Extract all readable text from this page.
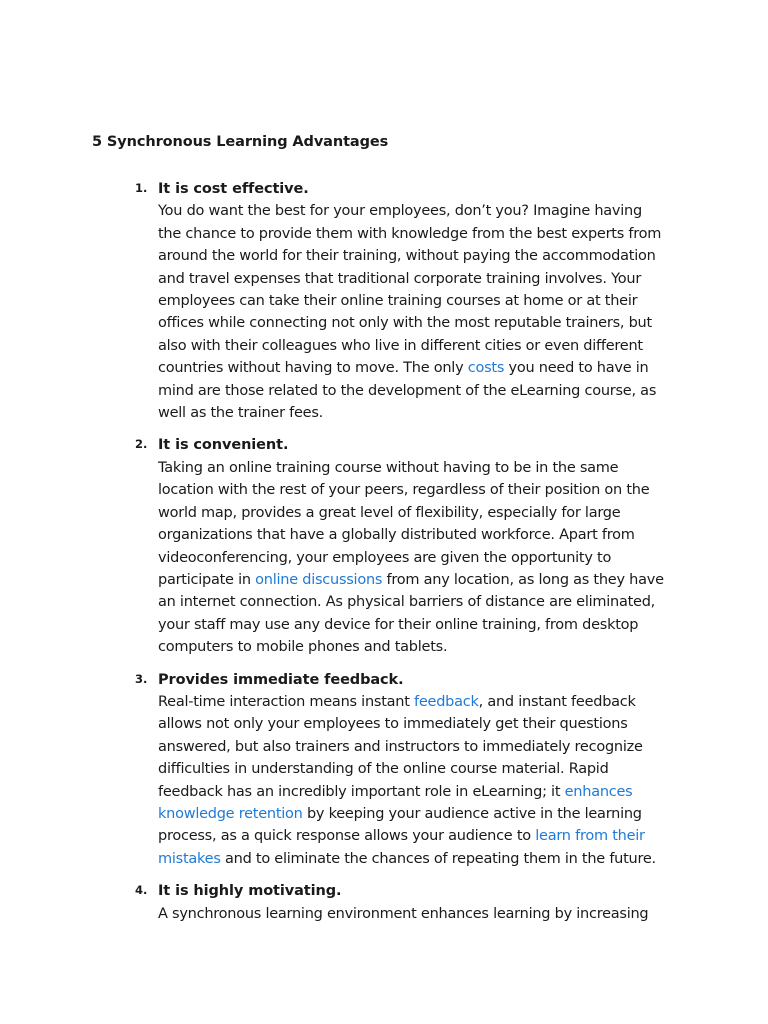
5 Synchronous Learning Advantages
1. It is cost effective.
You do want the best for your employees, don’t you? Imagine having
the chance to provide them with knowledge from the best experts from
around the world for their training, without paying the accommodation
and travel expenses that traditional corporate training involves. Your
employees can take their online training courses at home or at their
offices while connecting not only with the most reputable trainers, but
also with their colleagues who live in different cities or even different
countries without having to move. The only costs you need to have in
mind are those related to the development of the eLearning course, as
well as the trainer fees.
2. It is convenient.
Taking an online training course without having to be in the same
location with the rest of your peers, regardless of their position on the
world map, provides a great level of flexibility, especially for large
organizations that have a globally distributed workforce. Apart from
videoconferencing, your employees are given the opportunity to
participate in online discussions from any location, as long as they have
an internet connection. As physical barriers of distance are eliminated,
your staff may use any device for their online training, from desktop
computers to mobile phones and tablets.
3. Provides immediate feedback.
Real-time interaction means instant feedback, and instant feedback
allows not only your employees to immediately get their questions
answered, but also trainers and instructors to immediately recognize
difficulties in understanding of the online course material. Rapid
feedback has an incredibly important role in eLearning; it enhances
knowledge retention by keeping your audience active in the learning
process, as a quick response allows your audience to learn from their
mistakes and to eliminate the chances of repeating them in the future.
4. It is highly motivating.
A synchronous learning environment enhances learning by increasing
